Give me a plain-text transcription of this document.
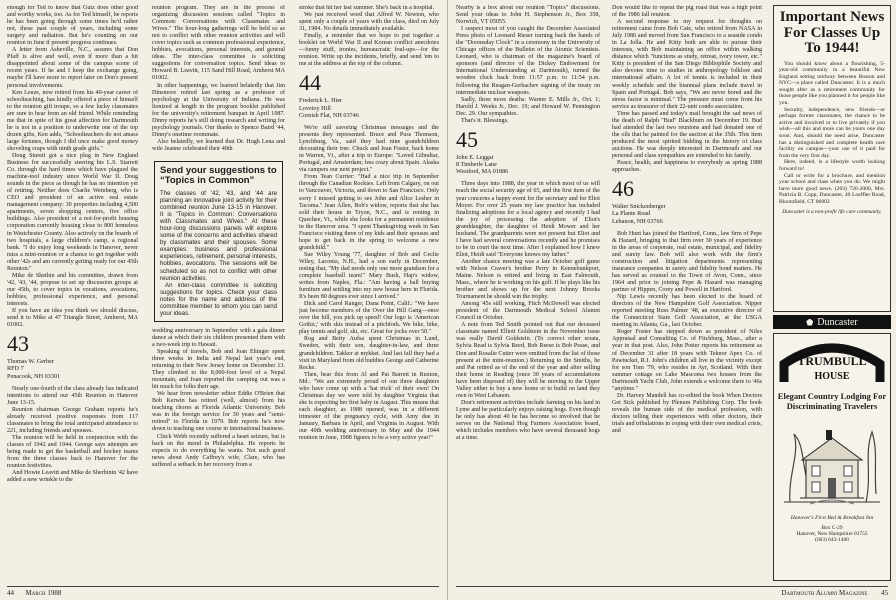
enough for Ted to know that Gutz does other good and worthy works, too. As for Ted himself, he reports he has been going through some times he'd rather not, these past couple of years, including some surgery and radiation. But he's counting on our reunion in June if present progress continues.

A letter from Asheville, N.C., assures that Don Pfaff is alive and well, even if more than a bit disappointed about some of the campus scene of recent years. If he and I keep the exchange going, maybe I'll have more to report later on Don's present personal involvements.

Ken Leuze, now retired from his 40-year career of schoolteaching, has kindly offered a piece of himself to the reunion gift troupe, so a few lucky classmates are sure to hear from an old friend. While reminding me that in spite of his great affection for Dartmouth he is not in a position to underwrite one of the top dozen gifts, Ken adds, "Schoolteachers do not amass large fortunes, though I did once make good money shoveling craps with ninth grade girls."

Doug Sturett got a nice plug in New England Business for successfully steering his L.S. Starrett Co. through the hard times which have plagued the machine-tool industry since World War II. Doug sounds in the piece as though he has no intention yet of retiring. Neither does Charlie Weinberg, who is CEO and president of an active real estate management company: 30 properties including 4,500 apartments, seven shopping centers, five office buildings. Also president of a not-for-profit housing corporation currently housing close to 800 homeless in Westchester County. Also actively on the boards of two hospitals, a large children's camp, a regional bank. "I do enjoy long weekends in Hanover, never miss a mini-reunion or a chance to get together with other '42s and am currently getting ready for our 45th Reunion."

Mike de Shethin and his committee, drawn from '42, '43, '44, propose to set up discussion groups at our 45th, to cover topics in vocations, avocations, hobbies, professional experience, and personal interests.

If you have an idea you think we should discuss, send it to Mike at 47 Triangle Street, Amherst, MA 01002.

43
Thomas W. Gerber
RFD 7
Penacook, NH 03301

Nearly one-fourth of the class already has indicated intentions to attend our 45th Reunion in Hanover June 13-15.

Reunion chairman George Graham reports he's already received positive responses from 117 classmates to bring the total anticipated attendance to 221, including friends and spouses.

The reunion will be held in conjunction with the classes of 1942 and 1944. George says attempts are being made to get the basketball and hockey teams from the three classes back to Hanover for the reunion festivities.

And Howie Leavitt and Mike de Sherbinin '42 have added a new wrinkle to the

reunion program. They are in the process of organizing discussion sessions called "Topics in Common: Conversations with Classmates and Wives." The hour-long gatherings will be held so as not to conflict with other reunion activities and will cover topics such as common professional experience, hobbies, avocations, personal interests, and general ideas. The inter-class committee is soliciting suggestions for conversation topics. Send ideas to Howard B. Leavitt, 115 Sand Hill Road, Amherst MA 01002.

In other happenings, we learned belatedly that Jim Dinsmore retired last spring as a professor of psychology at the University of Indiana. He was lionized at length in the program booklet published for the university's retirement banquet in April 1987. Dinny reports he's still doing research and writing for psychology journals. Our thanks to Spence Baird '44, Dinny's onetime roommate.

Also belatedly, we learned that Dr. Hugh Lena and wife Jeanne celebrated their 40th

Send your suggestions to “Topics in Common”

The classes of '42, '43, and '44 are planning an innovative joint activity for their combined reunion June 13-15 in Hanover. It is "Topics in Common: Conversations with Classmates and Wives." At these hour-long discussions panels will explore some of the concerns and activities shared by classmates and their spouses. Some examples: business and professional experiences, retirement, personal interests, hobbies, avocations. The sessions will be scheduled so as not to conflict with other reunion activities.

An inter-class committee is soliciting suggestions for topics. Check your class notes for the name and address of the committee member to whom you can send your ideas.

wedding anniversary in September with a gala dinner dance at which their six children presented them with a two-week trip to Hawaii.

Speaking of travels, Bob and Joan Ehinger spent three weeks in India and Nepal last year's end, returning to their New Jersey home on December 13. They climbed to the 8,000-foot level of a Nepal mountain, and Joan reported the camping out was a bit much for folks their age.

We hear from newsletter editor Eddie O'Brien that Bob Kerwin has retired (well, almost) from his teaching chores at Florida Atlantic University. Bob was in the foreign service for 30 years and "semi-retired" to Florida in 1979. Bob reports he's now down to teaching one course in international business.

Chick Webb recently suffered a heart seizure, but is back on the mend in Philadelphia. He reports he expects to do everything he wants. Not such good news about Andy Caffrey's wife, Clare, who has suffered a setback in her recovery from a

stroke that hit her last summer. She's back in a hospital.

We just received word that Alfred W. Newton, who spent only a couple of years with the class, died on July 31, 1984. No details immediately available.

Finally, a reminder that we hope to put together a booklet on World War II and Korean conflict anecdotes—funny stuff, ironies, bureaucratic foul-ups—for the reunion. Write up the incidents, briefly, and send 'em to me at the address at the top of the column.

44
Frederick L. Hier
Loveioy Hill
Cornish Flat, NH 03746

We're still savoring Christmas messages and the presents they represented. Bruce and Puss Thomson, Lynchburg, Va., said they had nine grandchildren decorating their tree. Chuck and Jean Foster, back home in Warren, Vt., after a trip to Europe: "Loved Gibraltar, Portugal, and Amsterdam; less crazy about Spain. Alaska via campers our next project."

From Tean Currier: "Had a nice trip in September through the Canadian Rockies. Left from Calgary, on out to Vancouver, Victoria, and down to San Francisco. Only sorry I missed getting to see John and Alice Lesher in Tacoma." Jean Allen, Bob's widow, reports that she has sold their house in Tryon, N.C., and is renting in Quechee, Vt., while she looks for a permanent residence in the Hanover area. "I spent Thanksgiving week in San Francisco visiting three of my kids and their spouses and hope to get back in the spring to welcome a new grandchild."

Sue Wiley Young '77, daughter of Bob and Ceclie Wiley, Laconia, N.H., had a son early in December, noting that, "My dad needs only one more grandson for a complete baseball team!" Mary Bush, Hap's widow, writes from Naples, Fla.: "Am having a ball buying furniture and settling into my new house here in Florida. It's been 80 degrees ever since I arrived."

Dick and Carol Ranger, Dana Point, Calif.: "We have just become members of the Over the Hill Gang—once over the hill, you pick up speed! Our logo is 'American Gothic,' with skis instead of a pitchfork. We bike, hike, play tennis and golf, ski, etc. Great for jocks over 50."

Rog and Betty Aufsa spent Christmas in Lund, Sweden, with their son, daughter-in-law, and three grandchildren. Takker at mykket. And last fall they had a visit in Maryland from old buddies George and Catherine Recke.

Then, hear this from Al and Pat Barrett in Ruxton, Md.: "We are extremely proud of our three daughters who have come up with a 'hat trick' of their own! On Christmas day we were told by daughter Virginia that she is expecting her first baby in August. This means that each daughter, as 1988 opened, was in a different trimester of the pregnancy cycle, with Amy due in January, Barbara in April, and Virginia in August. With our 40th wedding anniversary in May and the 1944 reunion in June, 1988 figures to be a very active year!"

44 March 1988

Nearby is a box about our reunion "Topics" discussions. Send your ideas to John H. Stephenson Jr., Box 358, Norwich, VT 05055.

I suspect most of you caught the December Associated Press photo of Leonard Rieser turning back the hands of the "Doomsday Clock" in a ceremony in the University of Chicago offices of the Bulletin of the Atomic Scientists. Leonard, who is chairman of the magazine's board of sponsors (and director of the Dickey Endowment for International Understanding at Dartmouth), turned the wooden clock back from 11:57 p.m. to 11:54 p.m. following the Reagan-Gorbachev signing of the treaty on intermediate nuclear weapons.

Sadly, three more deaths: Warner E. Mills Jr., Oct. 1; Harold J. Weeks Jr., Dec. 19; and Howard W. Pennington Dec. 29. Our sympathies.

That's it. Blessings.

45
John E. Leggat
8 Timberle Lane
Westford, MA 01886

Three days into 1988, the year in which most of us will reach the social security age of 65, and the first item of the year concerns a happy event for the secretary and for Eliot Moyer. For over 25 years my law practice has included finalizing adoptions for a local agency and recently I had the joy of processing the adoption of Eliot's granddaughter, the daughter of Heidi Mower and her husband. The grandparents were not present but Eliot and I have had several conversations recently and he promises to be in court the next time. After I explained how I knew Eliot, Heidi said "Everyone knows my father."

Another chance meeting was a late October golf game with Nelson Craver's brother Perry in Kennebunkport, Maine. Nelson is retired and living in East Falmouth, Mass., where he is working on his golf. If he plays like his brother and shows up for the next Johnny Brooks Tournament he should win the trophy.

Among '45s still working, Fitch McDowell was elected president of the Dartmouth Medical School Alumni Council in October.

A note from Ted Smith pointed out that our deceased classmate named Elliott Goldstein in the November issue was really David Goldstein. (To correct other errata, Sylvia Read is Sylvia Reed, Bob Reese is Bob Pease, and Don and Rosalie Cutter were omitted from the list of those present at the mini-reunion.) Returning to the Smiths, he and Pat retired as of the end of the year and after selling their home in Reading (once 30 years of accumulations have been disposed of) they will be moving to the Upper Valley either to buy a new home or to build on land they own in West Lebanon.

Don's retirement activities include farming on his land in Lyme and he particularly enjoys raising hogs. Even though he only has about 40 he has become so involved that he serves on the National Hog Farmers Association board, which includes members who have several thousand hogs at a time.

Don would like to repeat the pig roast that was a high point of the 1986 fall reunion.

A second response to my request for thoughts on retirement came from Bob Cate, who retired from NASA in July 1986 and moved from San Francisco to a seaside condo in La Jolla. He and Kitty both are able to pursue their interests, with Bob maintaining an office within walking distance which "functions as study, retreat, ivory tower, etc." Kitty is president of the San Diego Bibliophile Society and also devotes time to studies in anthropology folklore and international affairs. A lot of tennis is included in their weekly schedule and the biannual plans include travel in Spain and Portugal. Bob says, "We are never bored and the stress factor is minimal." The pressure must come from his service as treasurer of their 22-unit condo association.

Time has passed and today's mail brought the sad news of the death of Ralph "Bud" Blackburn on December 19. Bud had attended the last two reunions and had donated one of the oils that he painted for the auction at the 35th. This item produced the most spirited bidding in the history of class auctions. He was deeply interested in Dartmouth and our personal and class sympathies are extended to his family.

Peace, health, and happiness to everybody as spring 1988 approaches.

46
Walter Snickenberger
La Plante Road
Lebanon, NH 03766

Bob Hunt has joined the Hartford, Conn., law firm of Pepe & Hazard, bringing to that firm over 30 years of experience in the areas of corporate, real estate, municipal, and fidelity and surety law. Bob will also work with the firm's construction and litigation departments representing insurance companies in surety and fidelity bond matters. He has served as counsel to the Town of Avon, Conn., since 1964 and prior to joining Pepe & Hazard was managing partner of Hippen, Corey and Powell in Hartford.

Nip Lewis recently has been elected to the board of directors of the New Hampshire Golf Association. Nipper reported meeting Russ Palmer '48, an executive director of the Connecticut State Golf Association, at the USGA meeting in Atlanta, Ga., last October.

Roger Foster has stepped down as president of Niles Appraisal and Consulting Co. of Fitchburg, Mass., after a year in that post. Also, John Potter reports his retirement as of December 31 after 18 years with Teknor Apex Co. of Pawtucket, R.I. John's children all live in the vicinity except for son Tom '79, who resides in Ayr, Scotland. With their summer cottage on Lake Mascoma two houses from the Dartmouth Yacht Club, John extends a welcome there to '46s "anytime."

Dr. Harvey Mandell has co-edited the book When Doctors Get Sick published by Plenum Publishing Corp. The book reveals the human side of the medical profession, with doctors telling their experiences with other doctors, their trials and tribulations in coping with their own medical crisis, and

Important News For Classes Up To 1944!

You should know about a flourishing, 5-year-old community in a beautiful New England setting midway between Boston and NYC—a place called Duncaster. It is a much sought after as a retirement community for those people like you planned it for people like you.

Security, independence, new friends—or perhaps former classmates, the chance to be active and involved or to live privately if you wish—all this and more can be yours one day soon. And, should the need arise, Duncaster has a distinguished and complete health care facility on campus—your use of it paid for from the very first day.

Here, indeed, is a lifestyle worth looking forward to!

Call or write for a brochure, and mention your school and class when you do. We might have more good news. (203) 726-2000, Mrs. Patricia B. Copp, Duncaster, 40 Loeffler Road, Bloomfield, CT 06002

Duncaster is a non-profit life care community.

Duncaster
TRUMBULL
HOUSE
Elegant Country Lodging For Discriminating Travelers
Hanover's First Bed & Breakfast Inn
Box C-29
Hanover, New Hampshire 03755
(603) 643-1400
Dartmouth Alumni Magazine 45
